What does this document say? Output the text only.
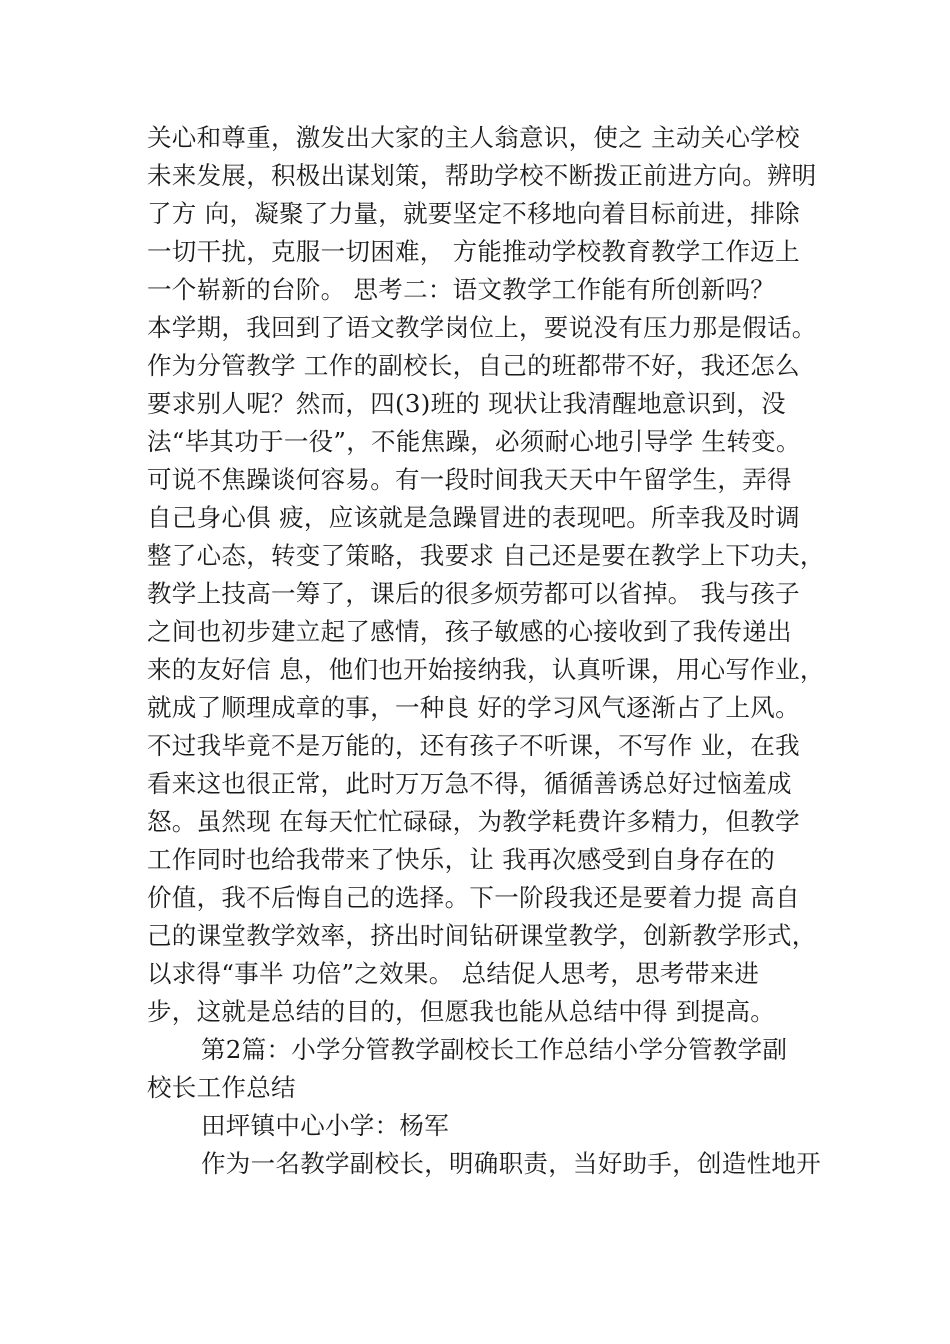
关心和尊重，激发出大家的主人翁意识，使之 主动关心学校
未来发展，积极出谋划策，帮助学校不断拨正前进方向。辨明
了方 向，凝聚了力量，就要坚定不移地向着目标前进，排除
一切干扰，克服一切困难， 方能推动学校教育教学工作迈上
一个崭新的台阶。 思考二：语文教学工作能有所创新吗？
本学期，我回到了语文教学岗位上，要说没有压力那是假话。
作为分管教学 工作的副校长，自己的班都带不好，我还怎么
要求别人呢？然而，四(3)班的 现状让我清醒地意识到，没
法“毕其功于一役”，不能焦躁，必须耐心地引导学 生转变。
可说不焦躁谈何容易。有一段时间我天天中午留学生，弄得
自己身心俱 疲，应该就是急躁冒进的表现吧。所幸我及时调
整了心态，转变了策略，我要求 自己还是要在教学上下功夫，
教学上技高一筹了，课后的很多烦劳都可以省掉。 我与孩子
之间也初步建立起了感情，孩子敏感的心接收到了我传递出
来的友好信 息，他们也开始接纳我，认真听课，用心写作业，
就成了顺理成章的事，一种良 好的学习风气逐渐占了上风。
不过我毕竟不是万能的，还有孩子不听课，不写作 业，在我
看来这也很正常，此时万万急不得，循循善诱总好过恼羞成
怒。虽然现 在每天忙忙碌碌，为教学耗费许多精力，但教学
工作同时也给我带来了快乐，让 我再次感受到自身存在的
价值，我不后悔自己的选择。下一阶段我还是要着力提 高自
己的课堂教学效率，挤出时间钻研课堂教学，创新教学形式，
以求得“事半 功倍”之效果。 总结促人思考，思考带来进
步，这就是总结的目的，但愿我也能从总结中得 到提高。
第2篇：小学分管教学副校长工作总结小学分管教学副
校长工作总结
田坪镇中心小学：杨军
作为一名教学副校长，明确职责，当好助手，创造性地开
